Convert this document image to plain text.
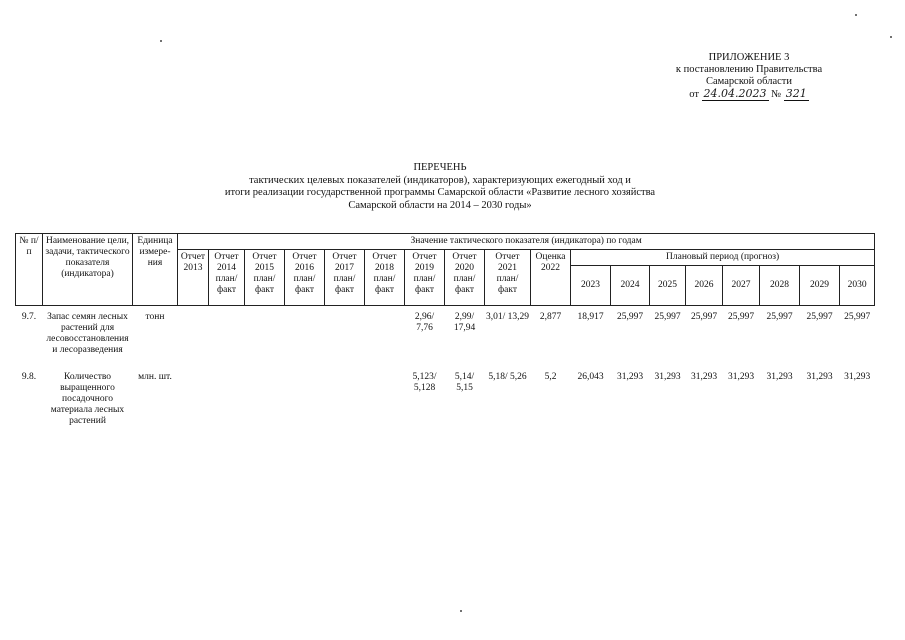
ПРИЛОЖЕНИЕ 3
к постановлению Правительства
Самарской области
от 24.04.2023 № 321
ПЕРЕЧЕНЬ
тактических целевых показателей (индикаторов), характеризующих ежегодный ход и
итоги реализации государственной программы Самарской области «Развитие лесного хозяйства
Самарской области на 2014 – 2030 годы»
№ п/п	Наименование цели, задачи, тактического показателя (индикатора)	Единица измере-ния	Значение тактического показателя (индикатора) по годам																	
			Отчет 2013	Отчет 2014 план/ факт	Отчет 2015 план/ факт	Отчет 2016 план/ факт	Отчет 2017 план/ факт	Отчет 2018 план/ факт	Отчет 2019 план/ факт	Отчет 2020 план/ факт	Отчет 2021 план/ факт	Оценка 2022	Плановый период (прогноз)							
													2023	2024	2025	2026	2027	2028	2029	2030
9.7.	Запас семян лесных растений для лесовосстановления и лесоразведения	тонн							2,96/ 7,76	2,99/ 17,94	3,01/ 13,29	2,877	18,917	25,997	25,997	25,997	25,997	25,997	25,997	25,997
9.8.	Количество выращенного посадочного материала лесных растений	млн. шт.							5,123/ 5,128	5,14/ 5,15	5,18/ 5,26	5,2	26,043	31,293	31,293	31,293	31,293	31,293	31,293	31,293
